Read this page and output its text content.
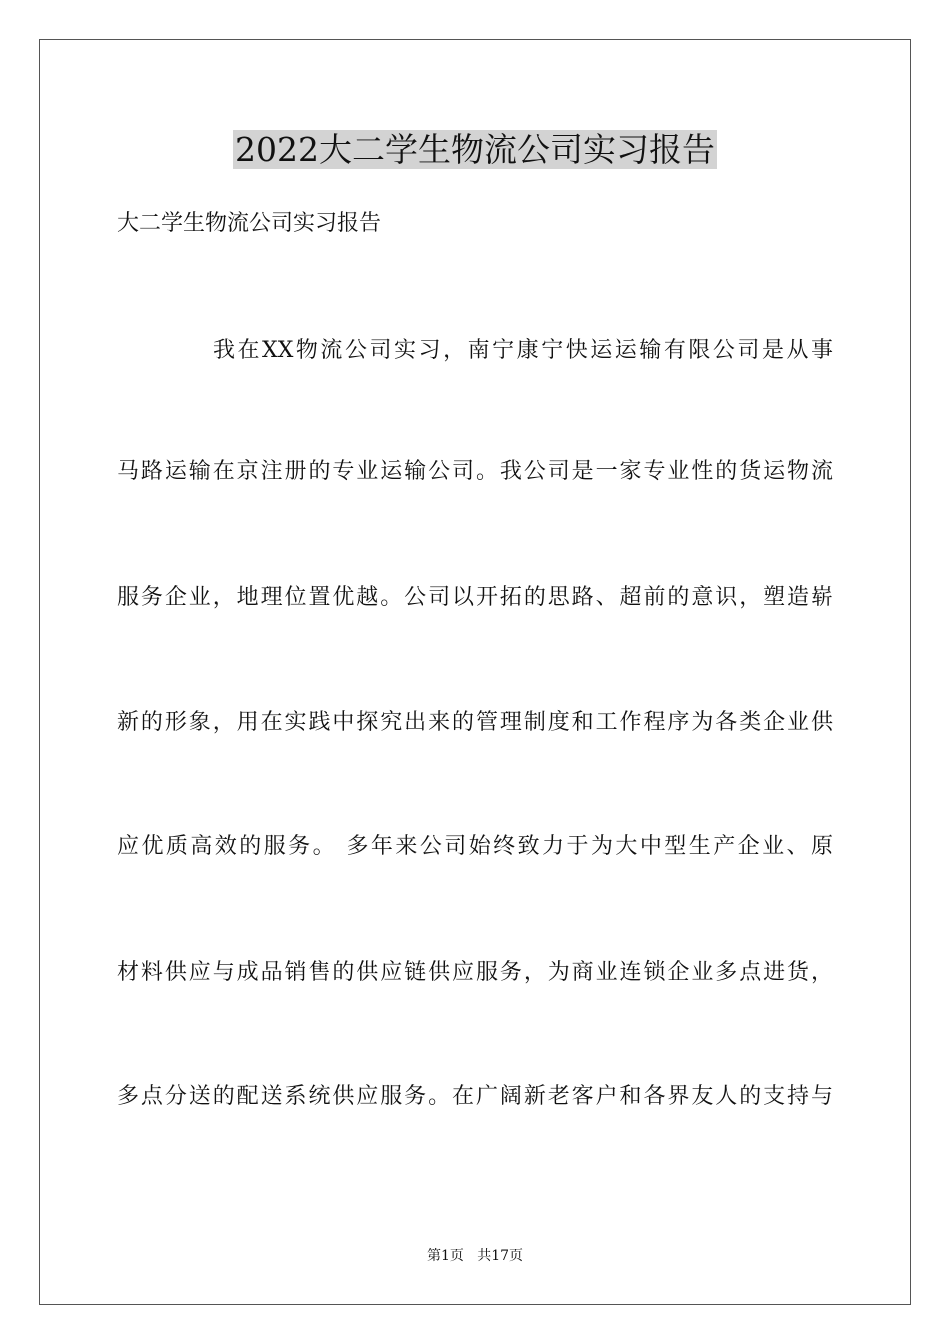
2022大二学生物流公司实习报告

大二学生物流公司实习报告

我在XX物流公司实习，南宁康宁快运运输有限公司是从事

马路运输在京注册的专业运输公司。我公司是一家专业性的货运物流

服务企业，地理位置优越。公司以开拓的思路、超前的意识，塑造崭

新的形象，用在实践中探究出来的管理制度和工作程序为各类企业供

应优质高效的服务。 多年来公司始终致力于为大中型生产企业、原

材料供应与成品销售的供应链供应服务，为商业连锁企业多点进货，

多点分送的配送系统供应服务。在广阔新老客户和各界友人的支持与

第1页   共17页
